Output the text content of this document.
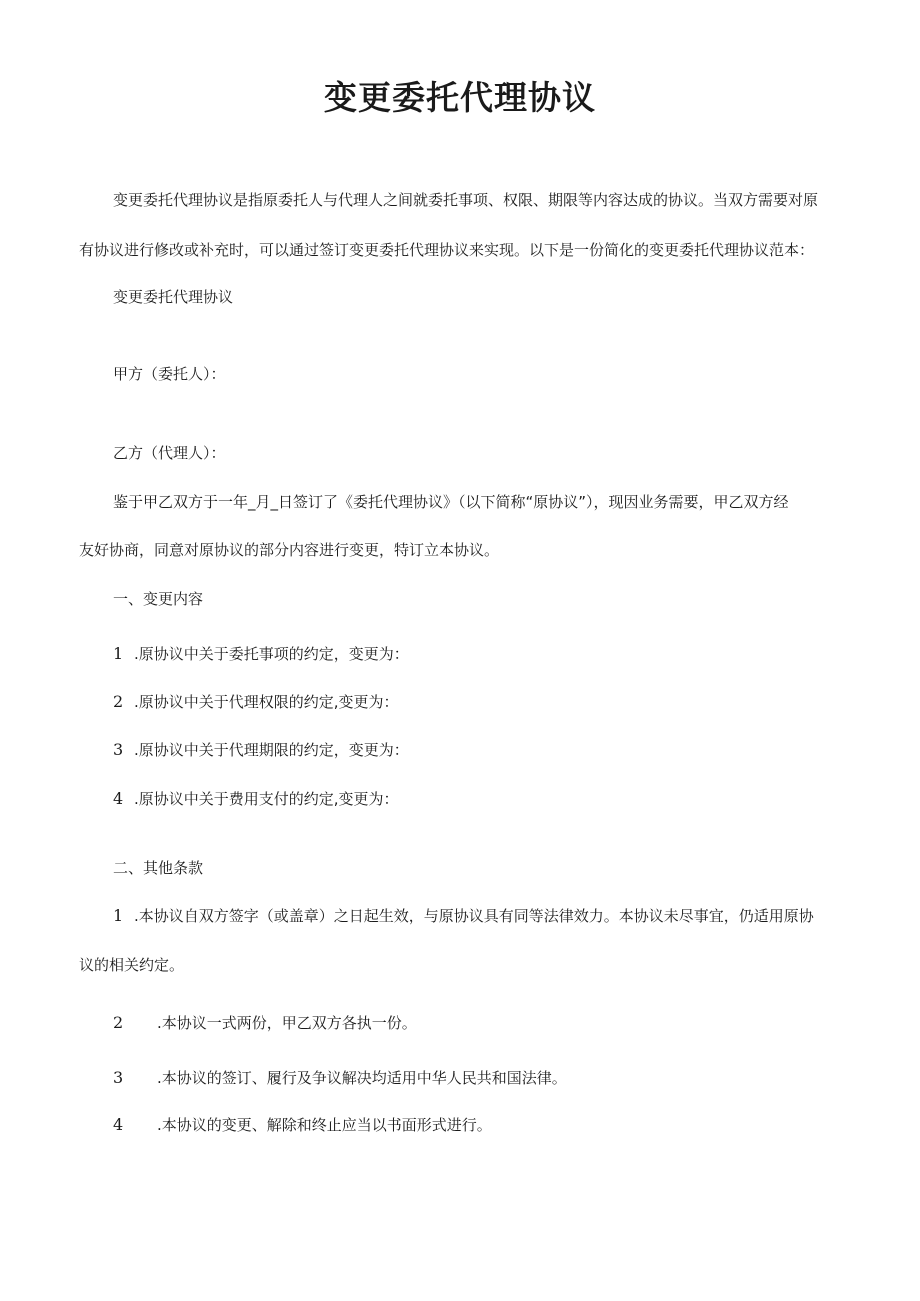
变更委托代理协议

变更委托代理协议是指原委托人与代理人之间就委托事项、权限、期限等内容达成的协议。当双方需要对原

有协议进行修改或补充时，可以通过签订变更委托代理协议来实现。以下是一份简化的变更委托代理协议范本：

变更委托代理协议

甲方（委托人）：

乙方（代理人）：

鉴于甲乙双方于一年_月_日签订了《委托代理协议》（以下简称“原协议”），现因业务需要，甲乙双方经

友好协商，同意对原协议的部分内容进行变更，特订立本协议。

一、变更内容

1 .原协议中关于委托事项的约定，变更为：
2 .原协议中关于代理权限的约定,变更为：
3 .原协议中关于代理期限的约定，变更为：
4 .原协议中关于费用支付的约定,变更为：

二、其他条款

1 .本协议自双方签字（或盖章）之日起生效，与原协议具有同等法律效力。本协议未尽事宜，仍适用原协
议的相关约定。
2 .本协议一式两份，甲乙双方各执一份。
3 .本协议的签订、履行及争议解决均适用中华人民共和国法律。
4 .本协议的变更、解除和终止应当以书面形式进行。
